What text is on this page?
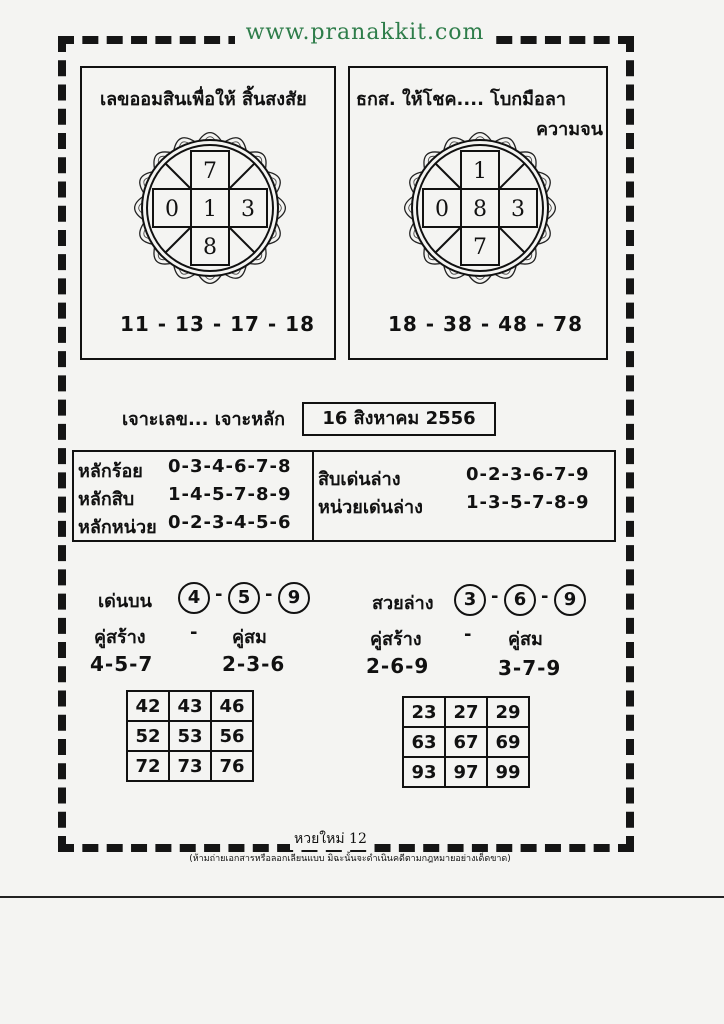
www.pranakkit.com
เลขออมสินเพื่อให้ สิ้นสงสัย
7
0 1 3
8
11 - 13 - 17 - 18
ธกส. ให้โชค.... โบกมือลา
ความจน
1
0 8 3
7
18 - 38 - 48 - 78
เจาะเลข... เจาะหลัก	16 สิงหาคม 2556
หลักร้อย 0-3-4-6-7-8
หลักสิบ 1-4-5-7-8-9
หลักหน่วย 0-2-3-4-5-6
สิบเด่นล่าง	0-2-3-6-7-9
หน่วยเด่นล่าง 1-3-5-7-8-9
เด่นบน	4 - 5 - 9
คู่สร้าง - คู่สม
4-5-7	2-3-6
42	43	46
52	53	56
72	73	76
สวยล่าง	3 - 6 - 9
คู่สร้าง - คู่สม
2-6-9	3-7-9
23	27	29
63	67	69
93	97	99
หวยใหม่ 12
(ห้ามถ่ายเอกสารหรือลอกเลียนแบบ มิฉะนั้นจะดำเนินคดีตามกฎหมายอย่างเด็ดขาด)
